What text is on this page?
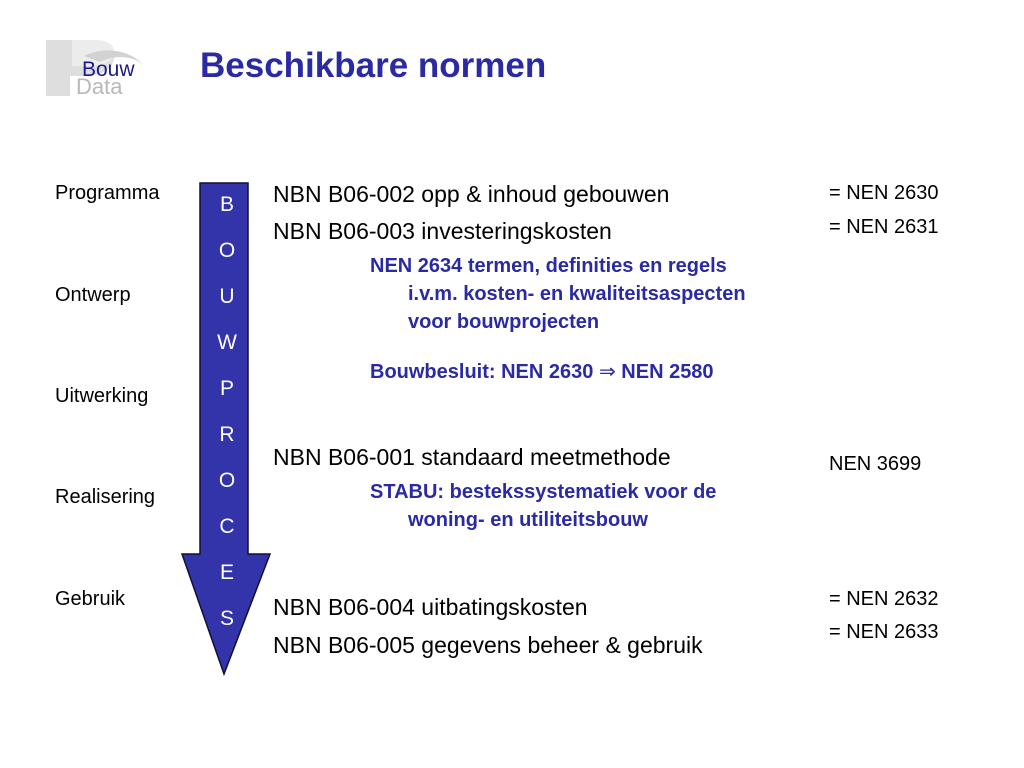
Data
Bouw Beschikbare normen
Programma
Ontwerp
Uitwerking
Realisering
Gebruik
B
O
U
W
P
R
O
C
E
S
NBN B06-002 opp & inhoud gebouwen
NBN B06-003 investeringskosten
NEN 2634 termen, definities en regels
i.v.m. kosten- en kwaliteitsaspecten
voor bouwprojecten
Bouwbesluit: NEN 2630 ⇒ NEN 2580
NBN B06-001 standaard meetmethode
STABU: bestekssystematiek voor de
woning- en utiliteitsbouw
NBN B06-004 uitbatingskosten
NBN B06-005 gegevens beheer & gebruik
= NEN 2630
= NEN 2631
NEN 3699
= NEN 2632
= NEN 2633
